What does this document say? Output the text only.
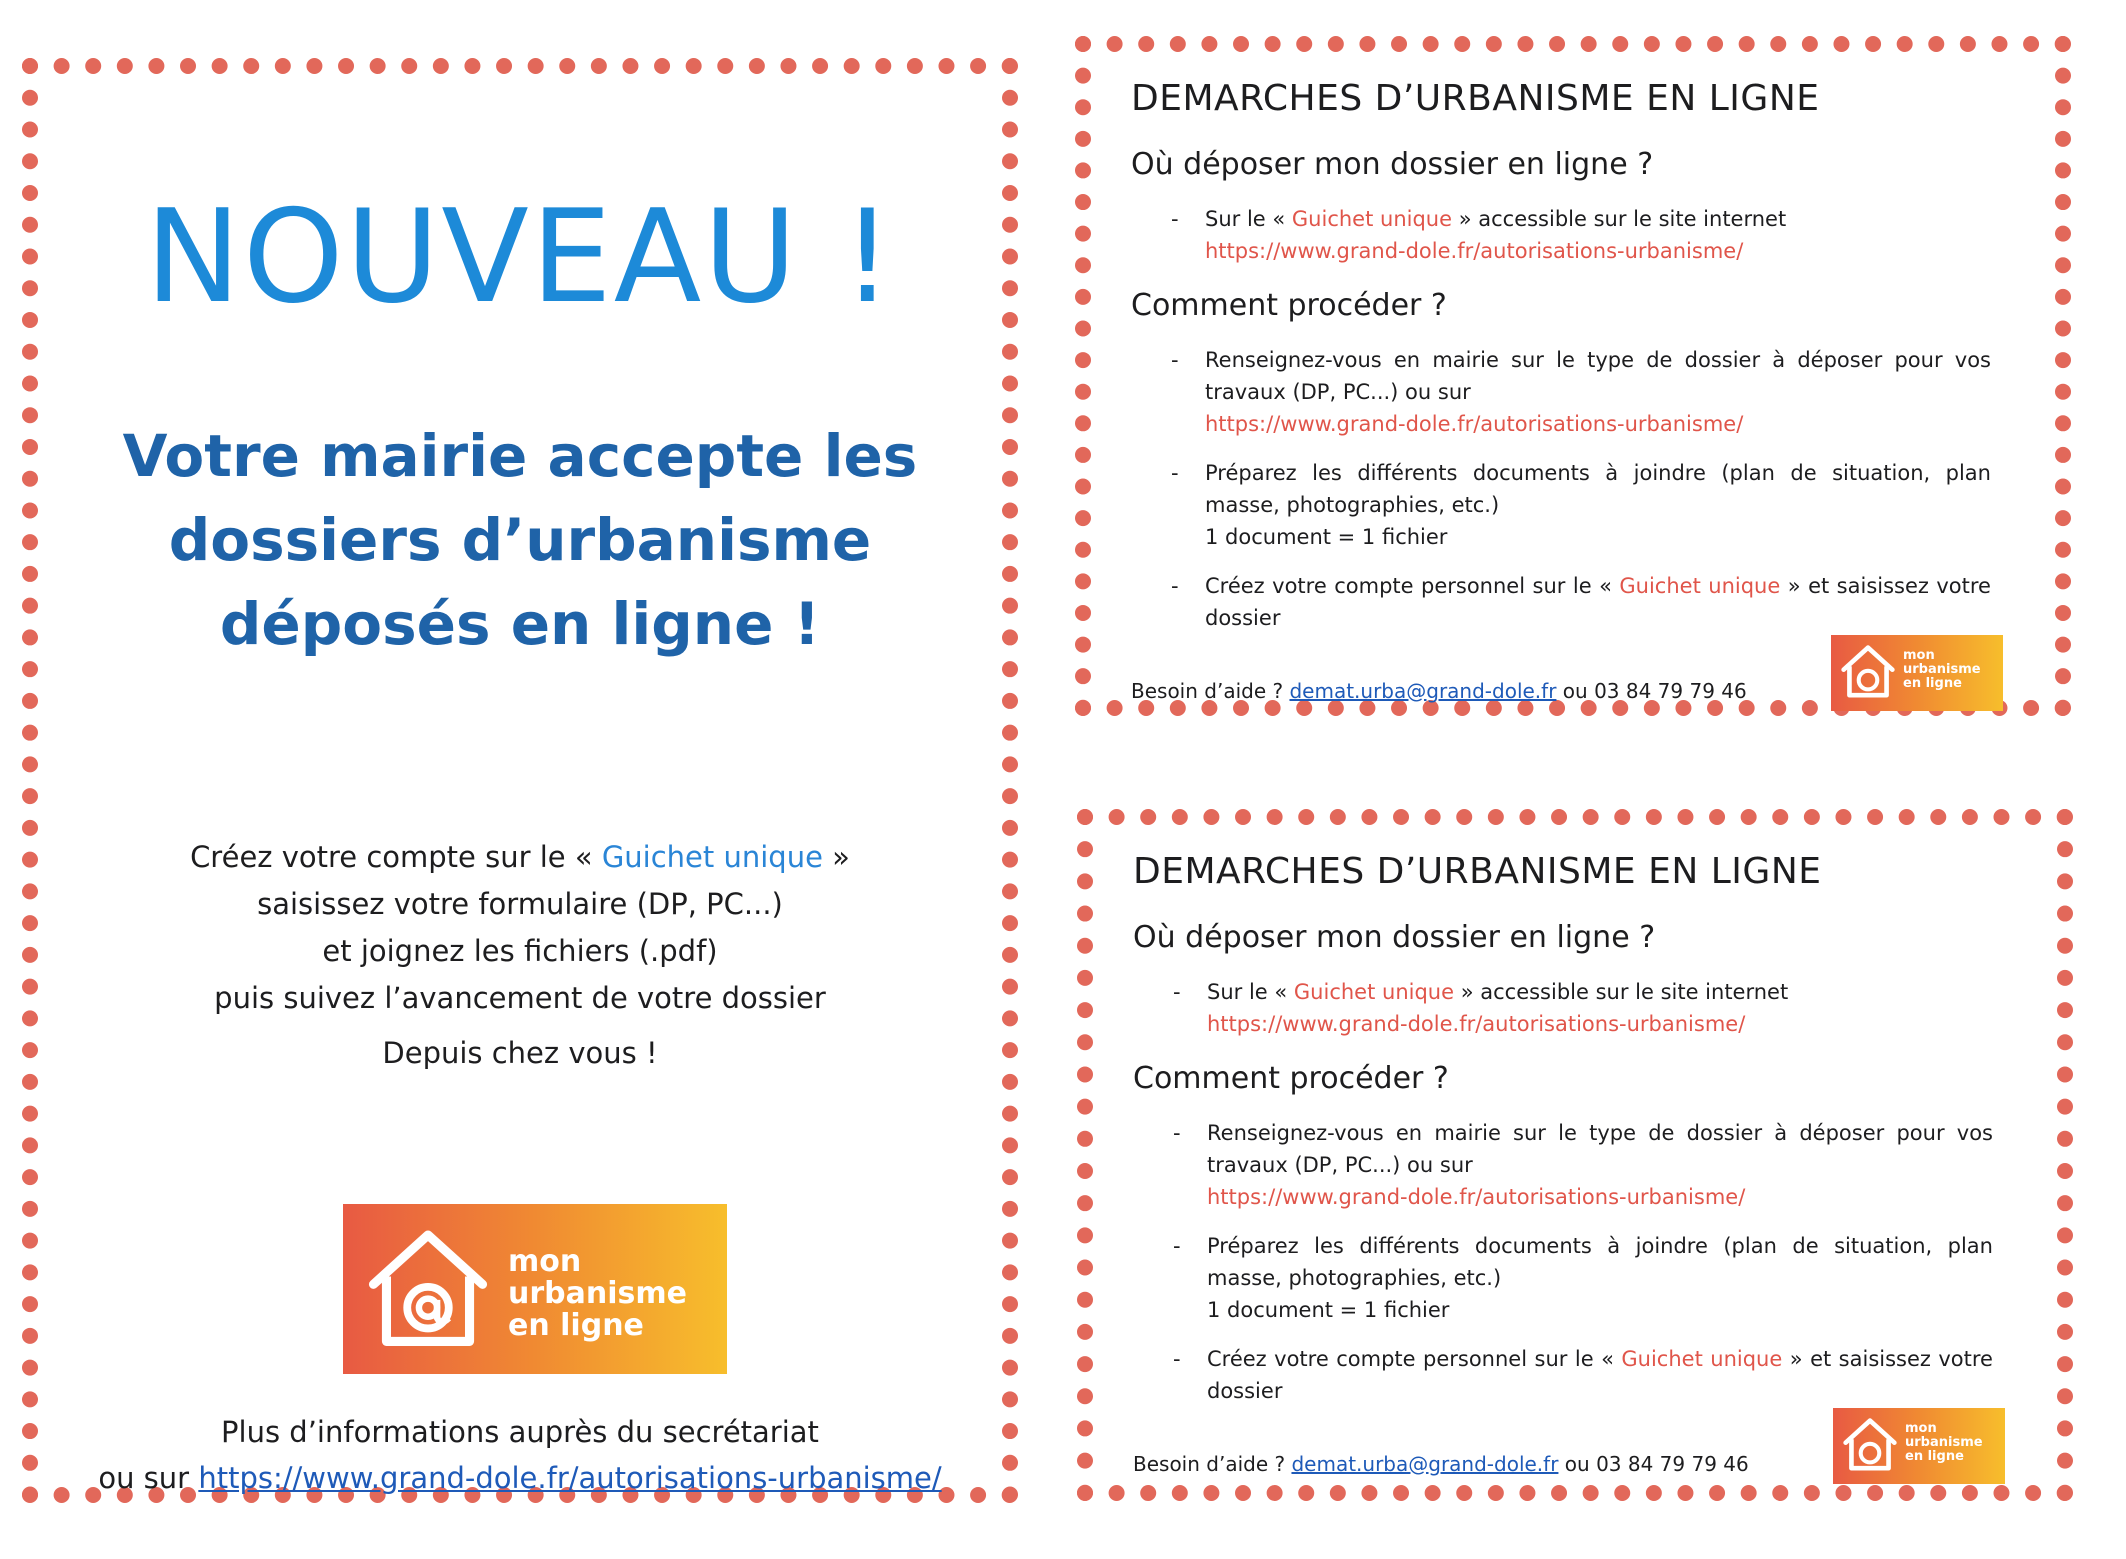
NOUVEAU !
Votre mairie accepte les
dossiers d’urbanisme
déposés en ligne !
Créez votre compte sur le « Guichet unique »
saisissez votre formulaire (DP, PC...)
et joignez les fichiers (.pdf)
puis suivez l’avancement de votre dossier
Depuis chez vous !
mon
urbanisme
en ligne
Plus d’informations auprès du secrétariat
ou sur https://www.grand-dole.fr/autorisations-urbanisme/
DEMARCHES D’URBANISME EN LIGNE
Où déposer mon dossier en ligne ?
- Sur le « Guichet unique » accessible sur le site internet
https://www.grand-dole.fr/autorisations-urbanisme/
Comment procéder ?
- Renseignez-vous en mairie sur le type de dossier à déposer pour vos travaux (DP, PC...) ou sur
https://www.grand-dole.fr/autorisations-urbanisme/
- Préparez les différents documents à joindre (plan de situation, plan masse, photographies, etc.)
1 document = 1 fichier
- Créez votre compte personnel sur le « Guichet unique » et saisissez votre dossier
Besoin d’aide ? demat.urba@grand-dole.fr ou 03 84 79 79 46
mon
urbanisme
en ligne
DEMARCHES D’URBANISME EN LIGNE
Où déposer mon dossier en ligne ?
- Sur le « Guichet unique » accessible sur le site internet
https://www.grand-dole.fr/autorisations-urbanisme/
Comment procéder ?
- Renseignez-vous en mairie sur le type de dossier à déposer pour vos travaux (DP, PC...) ou sur
https://www.grand-dole.fr/autorisations-urbanisme/
- Préparez les différents documents à joindre (plan de situation, plan masse, photographies, etc.)
1 document = 1 fichier
- Créez votre compte personnel sur le « Guichet unique » et saisissez votre dossier
Besoin d’aide ? demat.urba@grand-dole.fr ou 03 84 79 79 46
mon
urbanisme
en ligne
